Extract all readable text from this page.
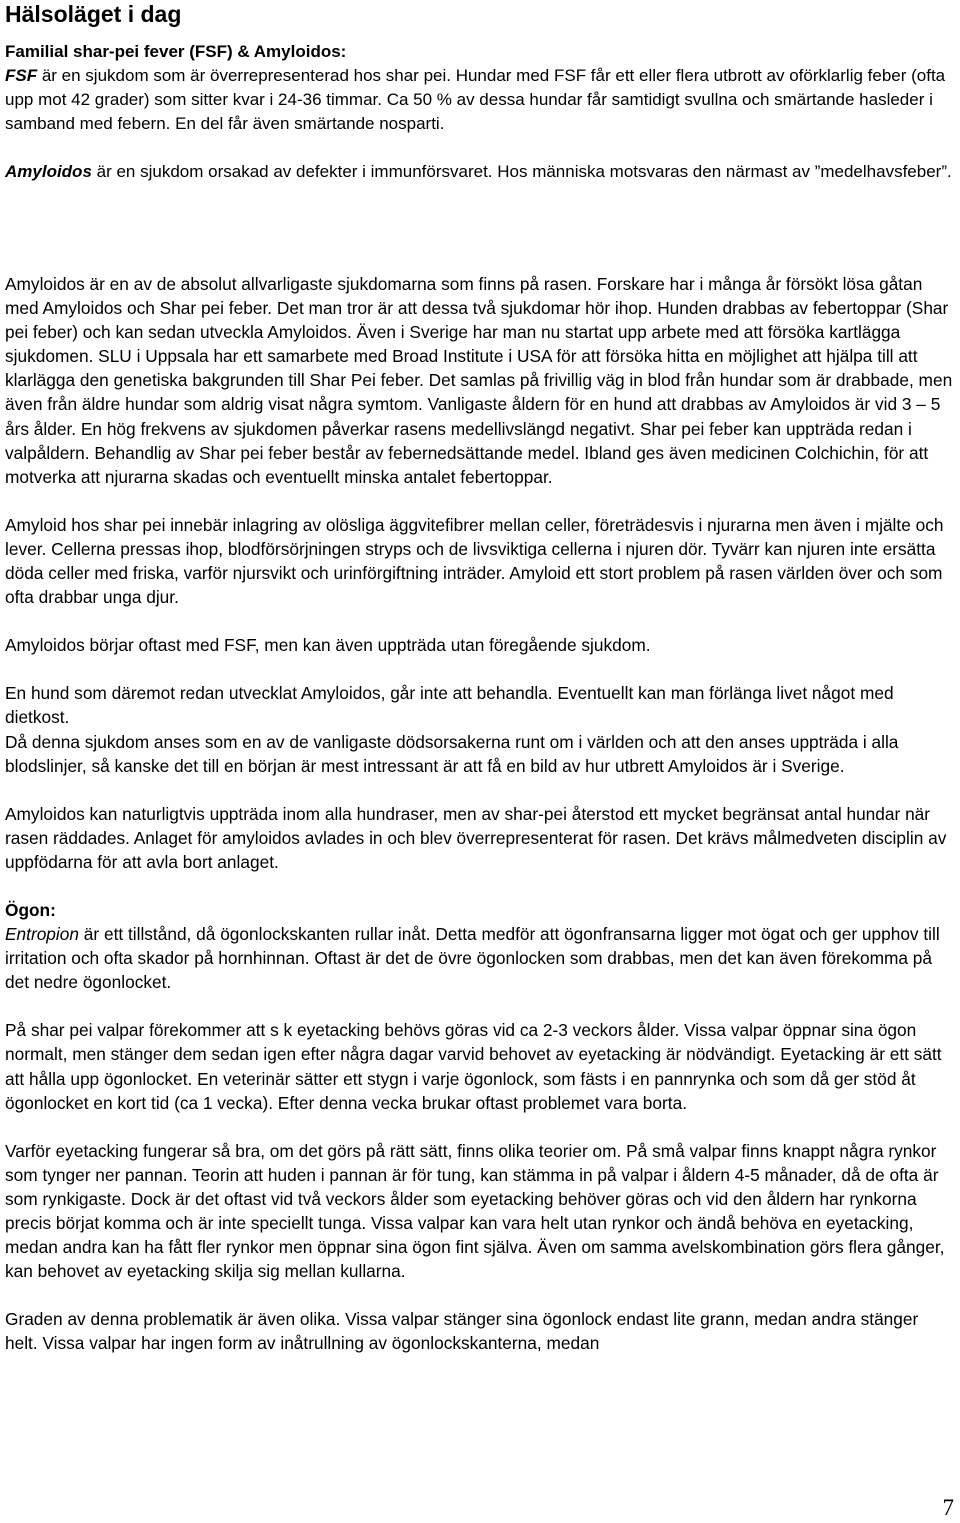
Hälsoläget i dag

Familial shar-pei fever (FSF) & Amyloidos:

FSF är en sjukdom som är överrepresenterad hos shar pei. Hundar med FSF får ett eller flera utbrott av oförklarlig feber (ofta upp mot 42 grader) som sitter kvar i 24-36 timmar. Ca 50 % av dessa hundar får samtidigt svullna och smärtande hasleder i samband med febern. En del får även smärtande nosparti.

Amyloidos är en sjukdom orsakad av defekter i immunförsvaret. Hos människa motsvaras den närmast av ”medelhavsfeber”.

Amyloidos är en av de absolut allvarligaste sjukdomarna som finns på rasen. Forskare har i många år försökt lösa gåtan med Amyloidos och Shar pei feber. Det man tror är att dessa två sjukdomar hör ihop. Hunden drabbas av febertoppar (Shar pei feber) och kan sedan utveckla Amyloidos. Även i Sverige har man nu startat upp arbete med att försöka kartlägga sjukdomen. SLU i Uppsala har ett samarbete med Broad Institute i USA för att försöka hitta en möjlighet att hjälpa till att klarlägga den genetiska bakgrunden till Shar Pei feber. Det samlas på frivillig väg in blod från hundar som är drabbade, men även från äldre hundar som aldrig visat några symtom. Vanligaste åldern för en hund att drabbas av Amyloidos är vid 3 – 5 års ålder. En hög frekvens av sjukdomen påverkar rasens medellivslängd negativt. Shar pei feber kan uppträda redan i valpåldern. Behandlig av Shar pei feber består av febernedsättande medel. Ibland ges även medicinen Colchichin, för att motverka att njurarna skadas och eventuellt minska antalet febertoppar.

Amyloid hos shar pei innebär inlagring av olösliga äggvitefibrer mellan celler, företrädesvis i njurarna men även i mjälte och lever. Cellerna pressas ihop, blodförsörjningen stryps och de livsviktiga cellerna i njuren dör. Tyvärr kan njuren inte ersätta döda celler med friska, varför njursvikt och urinförgiftning inträder. Amyloid ett stort problem på rasen världen över och som ofta drabbar unga djur.

Amyloidos börjar oftast med FSF, men kan även uppträda utan föregående sjukdom.

En hund som däremot redan utvecklat Amyloidos, går inte att behandla. Eventuellt kan man förlänga livet något med dietkost.

Då denna sjukdom anses som en av de vanligaste dödsorsakerna runt om i världen och att den anses uppträda i alla blodslinjer, så kanske det till en början är mest intressant är att få en bild av hur utbrett Amyloidos är i Sverige.

Amyloidos kan naturligtvis uppträda inom alla hundraser, men av shar-pei återstod ett mycket begränsat antal hundar när rasen räddades. Anlaget för amyloidos avlades in och blev överrepresenterat för rasen. Det krävs målmedveten disciplin av uppfödarna för att avla bort anlaget.

Ögon:

Entropion är ett tillstånd, då ögonlockskanten rullar inåt. Detta medför att ögonfransarna ligger mot ögat och ger upphov till irritation och ofta skador på hornhinnan. Oftast är det de övre ögonlocken som drabbas, men det kan även förekomma på det nedre ögonlocket.

På shar pei valpar förekommer att s k eyetacking behövs göras vid ca 2-3 veckors ålder. Vissa valpar öppnar sina ögon normalt, men stänger dem sedan igen efter några dagar varvid behovet av eyetacking är nödvändigt. Eyetacking är ett sätt att hålla upp ögonlocket. En veterinär sätter ett stygn i varje ögonlock, som fästs i en pannrynka och som då ger stöd åt ögonlocket en kort tid (ca 1 vecka). Efter denna vecka brukar oftast problemet vara borta.

Varför eyetacking fungerar så bra, om det görs på rätt sätt, finns olika teorier om. På små valpar finns knappt några rynkor som tynger ner pannan. Teorin att huden i pannan är för tung, kan stämma in på valpar i åldern 4-5 månader, då de ofta är som rynkigaste. Dock är det oftast vid två veckors ålder som eyetacking behöver göras och vid den åldern har rynkorna precis börjat komma och är inte speciellt tunga. Vissa valpar kan vara helt utan rynkor och ändå behöva en eyetacking, medan andra kan ha fått fler rynkor men öppnar sina ögon fint själva. Även om samma avelskombination görs flera gånger, kan behovet av eyetacking skilja sig mellan kullarna.

Graden av denna problematik är även olika. Vissa valpar stänger sina ögonlock endast lite grann, medan andra stänger helt. Vissa valpar har ingen form av inåtrullning av ögonlockskanterna, medan

7
